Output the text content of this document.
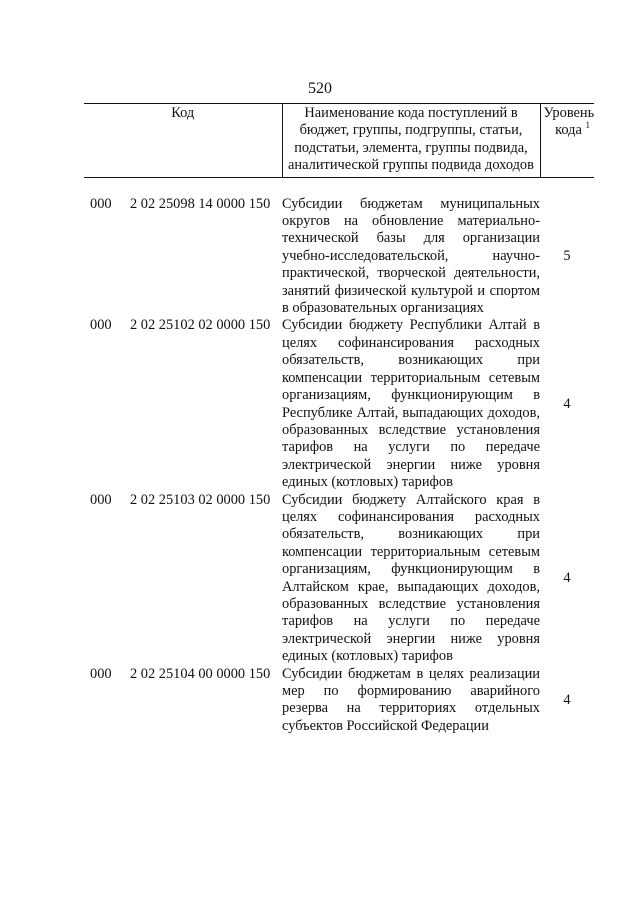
520
Код	Наименование кода поступлений в бюджет, группы, подгруппы, статьи, подстатьи, элемента, группы подвида, аналитической группы подвида доходов	Уровень кода $^1$

000 2 02 25098 14 0000 150	Субсидии бюджетам муниципальных округов на обновление материально-технической базы для организации учебно-исследовательской, научно-практической, творческой деятельности, занятий физической культурой и спортом в образовательных организациях	5
000 2 02 25102 02 0000 150	Субсидии бюджету Республики Алтай в целях софинансирования расходных обязательств, возникающих при компенсации территориальным сетевым организациям, функционирующим в Республике Алтай, выпадающих доходов, образованных вследствие установления тарифов на услуги по передаче электрической энергии ниже уровня единых (котловых) тарифов	4
000 2 02 25103 02 0000 150	Субсидии бюджету Алтайского края в целях софинансирования расходных обязательств, возникающих при компенсации территориальным сетевым организациям, функционирующим в Алтайском крае, выпадающих доходов, образованных вследствие установления тарифов на услуги по передаче электрической энергии ниже уровня единых (котловых) тарифов	4
000 2 02 25104 00 0000 150	Субсидии бюджетам в целях реализации мер по формированию аварийного резерва на территориях отдельных субъектов Российской Федерации	4
